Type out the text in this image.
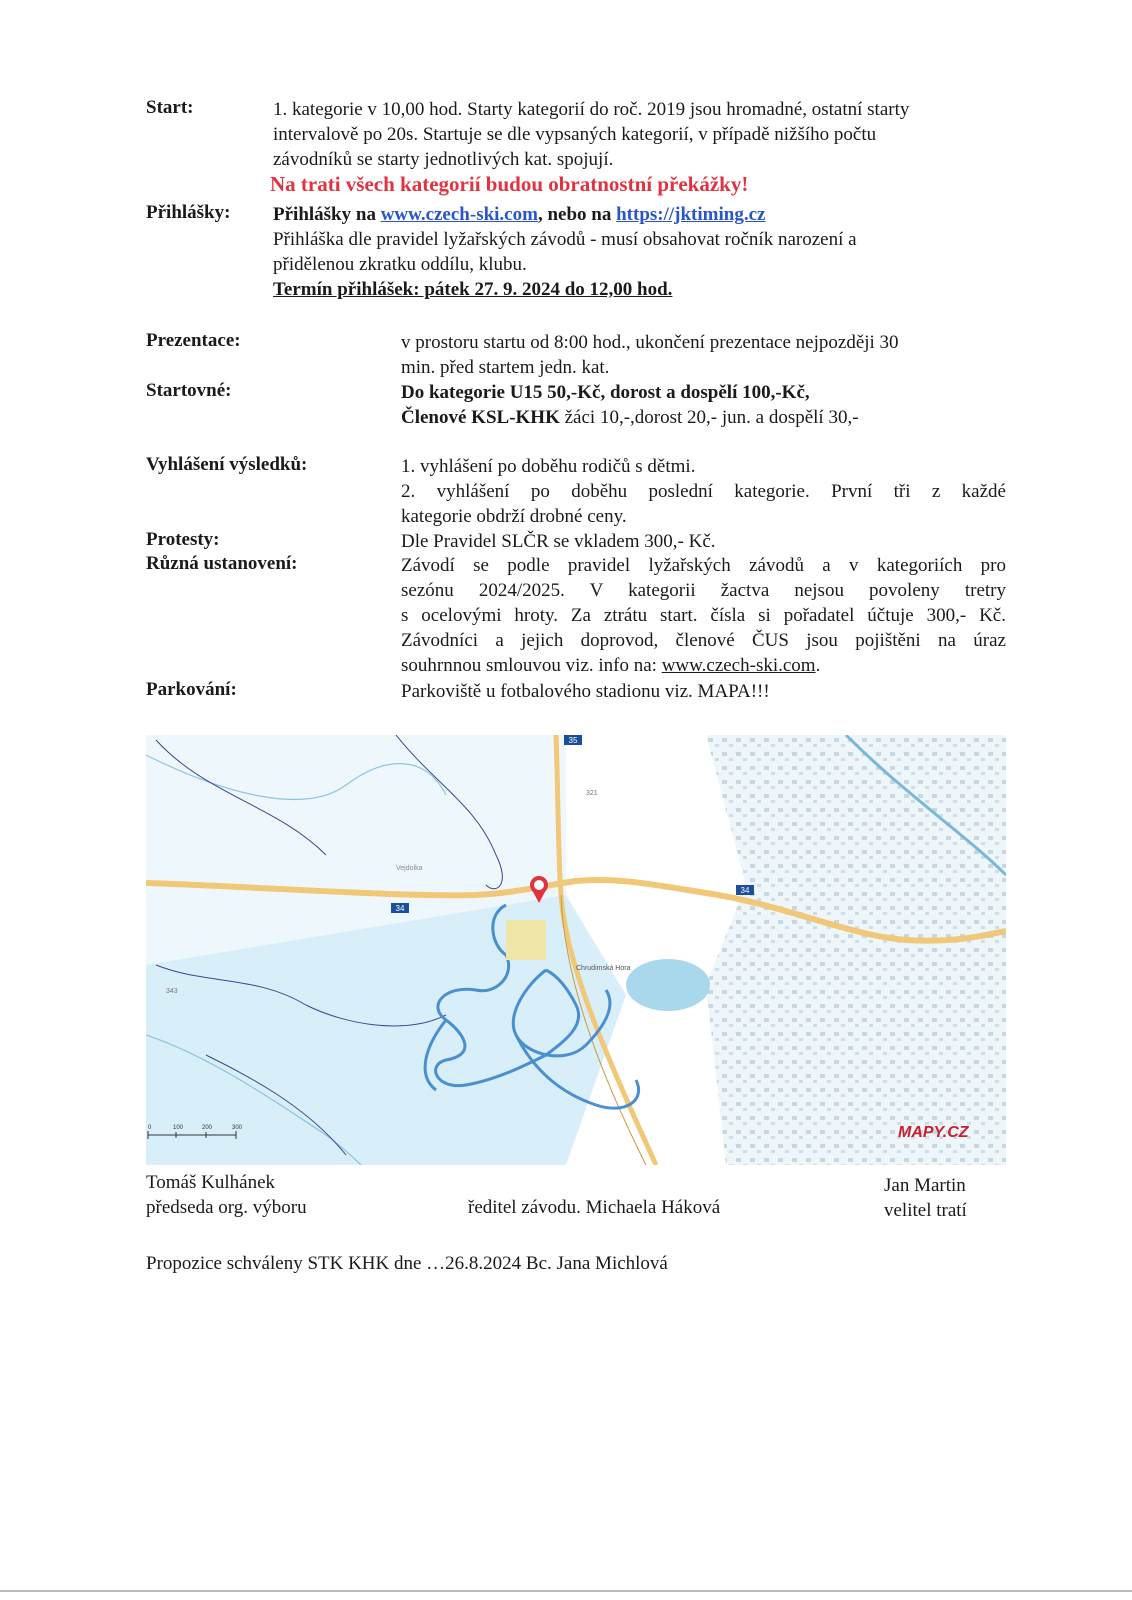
Start:	1. kategorie v 10,00 hod. Starty kategorií do roč. 2019 jsou hromadné, ostatní starty
intervalově po 20s. Startuje se dle vypsaných kategorií, v případě nižšího počtu
závodníků se starty jednotlivých kat. spojují.
Na trati všech kategorií budou obratnostní překážky!
Přihlášky: Přihlášky na www.czech-ski.com, nebo na https://jktiming.cz
Přihláška dle pravidel lyžařských závodů - musí obsahovat ročník narození a
přidělenou zkratku oddílu, klubu.
Termín přihlášek: pátek 27. 9. 2024 do 12,00 hod.
Prezentace:	v prostoru startu od 8:00 hod., ukončení prezentace nejpozději 30
min. před startem jedn. kat.
Startovné:	Do kategorie U15 50,-Kč, dorost a dospělí 100,-Kč,
Členové KSL-KHK žáci 10,-,dorost 20,- jun. a dospělí 30,-
Vyhlášení výsledků:	1. vyhlášení po doběhu rodičů s dětmi.
2. vyhlášení po doběhu poslední kategorie. První tři z každé
kategorie obdrží drobné ceny.
Protesty:	Dle Pravidel SLČR se vkladem 300,- Kč.
Různá ustanovení:	Závodí se podle pravidel lyžařských závodů a v kategoriích pro
sezónu 2024/2025. V kategorii žactva nejsou povoleny tretry
s ocelovými hroty. Za ztrátu start. čísla si pořadatel účtuje 300,- Kč.
Závodníci a jejich doprovod, členové ČUS jsou pojištěni na úraz
souhrnnou smlouvou viz. info na: www.czech-ski.com.
Parkování:	Parkoviště u fotbalového stadionu viz. MAPA!!!
34
34
35
321
343
Chrudimská Hora
Vejdolka
0	100	200	300	MAPY.CZ
Tomáš Kulhánek
předseda org. výboru	ředitel závodu. Michaela Háková
Jan Martin
velitel tratí
Propozice schváleny STK KHK dne …26.8.2024 Bc. Jana Michlová
